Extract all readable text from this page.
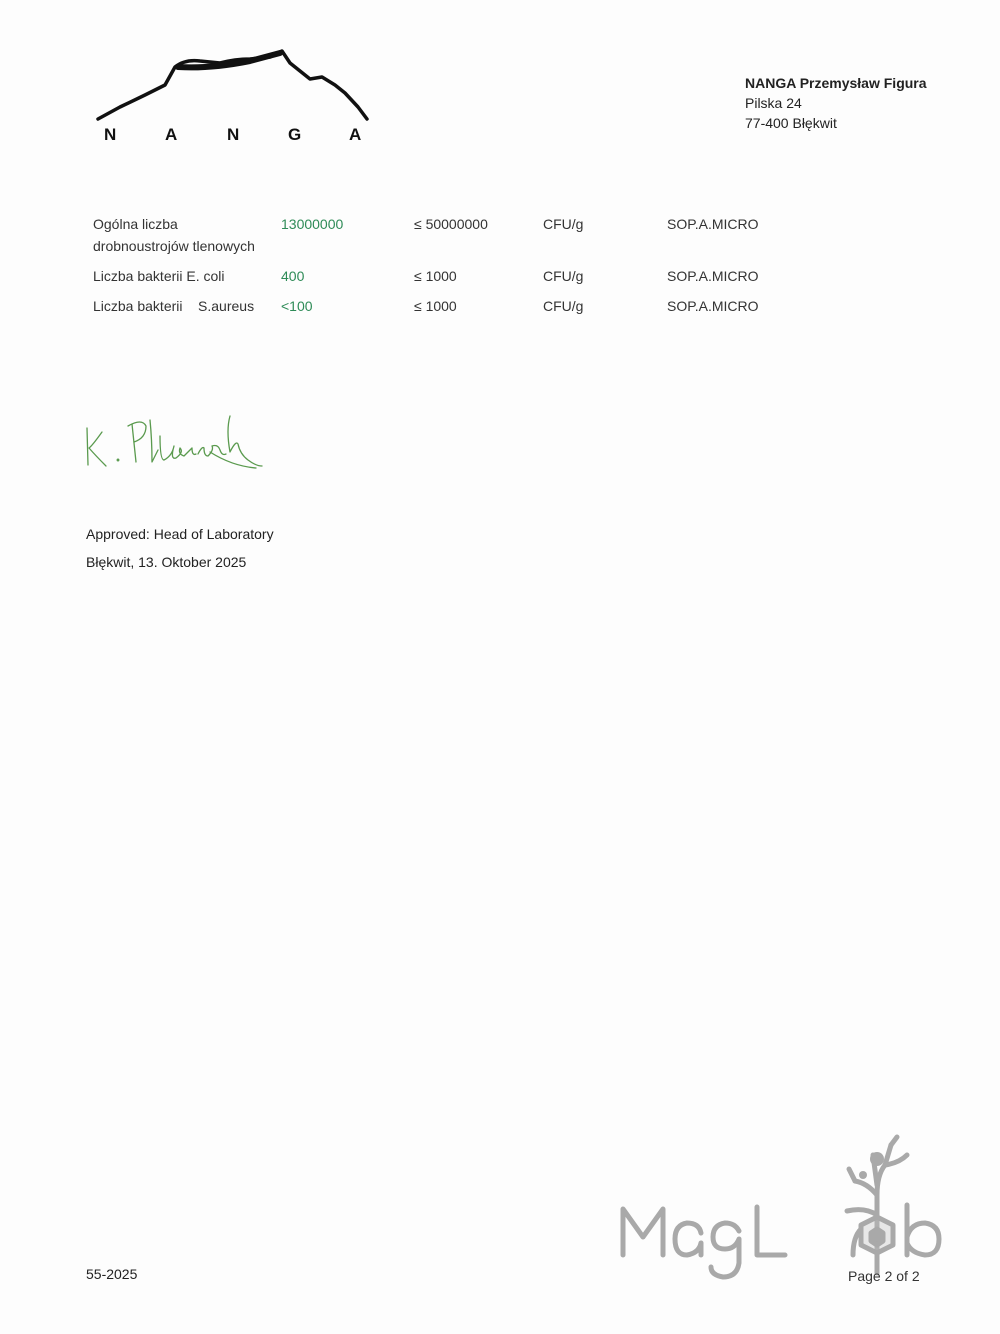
N	A	N	G	A
NANGA Przemysław Figura
Pilska 24
77-400 Błękwit
Ogólna liczba
drobnoustrojów tlenowych
13000000	≤ 50000000	CFU/g	SOP.A.MICRO
Liczba bakterii E. coli	400	≤ 1000	CFU/g	SOP.A.MICRO
Liczba bakterii    S.aureus	<100	≤ 1000	CFU/g	SOP.A.MICRO
Approved: Head of Laboratory
Błękwit, 13. Oktober 2025
55-2025	Page 2 of 2
